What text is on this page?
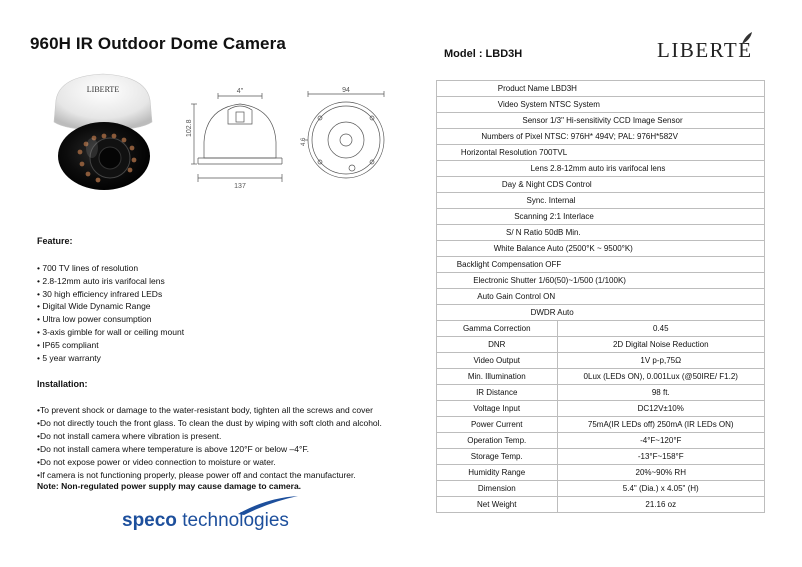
960H IR Outdoor Dome Camera
Model : LBD3H	LIBERTE
LIBERTE	4"
102.8
137
94
4.6
Feature:
• 700 TV lines of resolution
• 2.8-12mm auto iris varifocal lens
• 30 high efficiency infrared LEDs
• Digital Wide Dynamic Range
• Ultra low power consumption
• 3-axis gimble for wall or ceiling mount
• IP65 compliant
• 5 year warranty
Installation:
•To prevent shock or damage to the water-resistant body, tighten all the screws and cover
•Do not directly touch the front glass. To clean the dust by wiping with soft cloth and alcohol.
•Do not install camera where vibration is present.
•Do not install camera where temperature is above 120°F or below –4°F.
•Do not expose power or video connection to moisture or water.
•If camera is not functioning properly, please power off and contact the manufacturer.
Note: Non-regulated power supply may cause damage to camera.
speco technologies
Product Name LBD3H	
Video System NTSC System	
Sensor 1/3" Hi-sensitivity CCD Image Sensor	
Numbers of Pixel NTSC: 976H* 494V; PAL: 976H*582V	
Horizontal Resolution 700TVL	
Lens 2.8-12mm auto iris varifocal lens	
Day & Night CDS Control	
Sync. Internal	
Scanning 2:1 Interlace	
S/ N Ratio 50dB Min.	
White Balance Auto (2500°K ~ 9500°K)	
Backlight Compensation OFF	
Electronic Shutter 1/60(50)~1/500 (1/100K)	
Auto Gain Control ON	
DWDR Auto	
Gamma Correction	0.45
DNR	2D Digital Noise Reduction
Video Output	1V p-p,75Ω
Min. Illumination	0Lux (LEDs ON), 0.001Lux (@50IRE/ F1.2)
IR Distance	98 ft.
Voltage Input	DC12V±10%
Power Current	75mA(IR LEDs off) 250mA (IR LEDs ON)
Operation Temp.	-4°F~120°F
Storage Temp.	-13°F~158°F
Humidity Range	20%~90% RH
Dimension	5.4" (Dia.) x 4.05" (H)
Net Weight	21.16 oz
